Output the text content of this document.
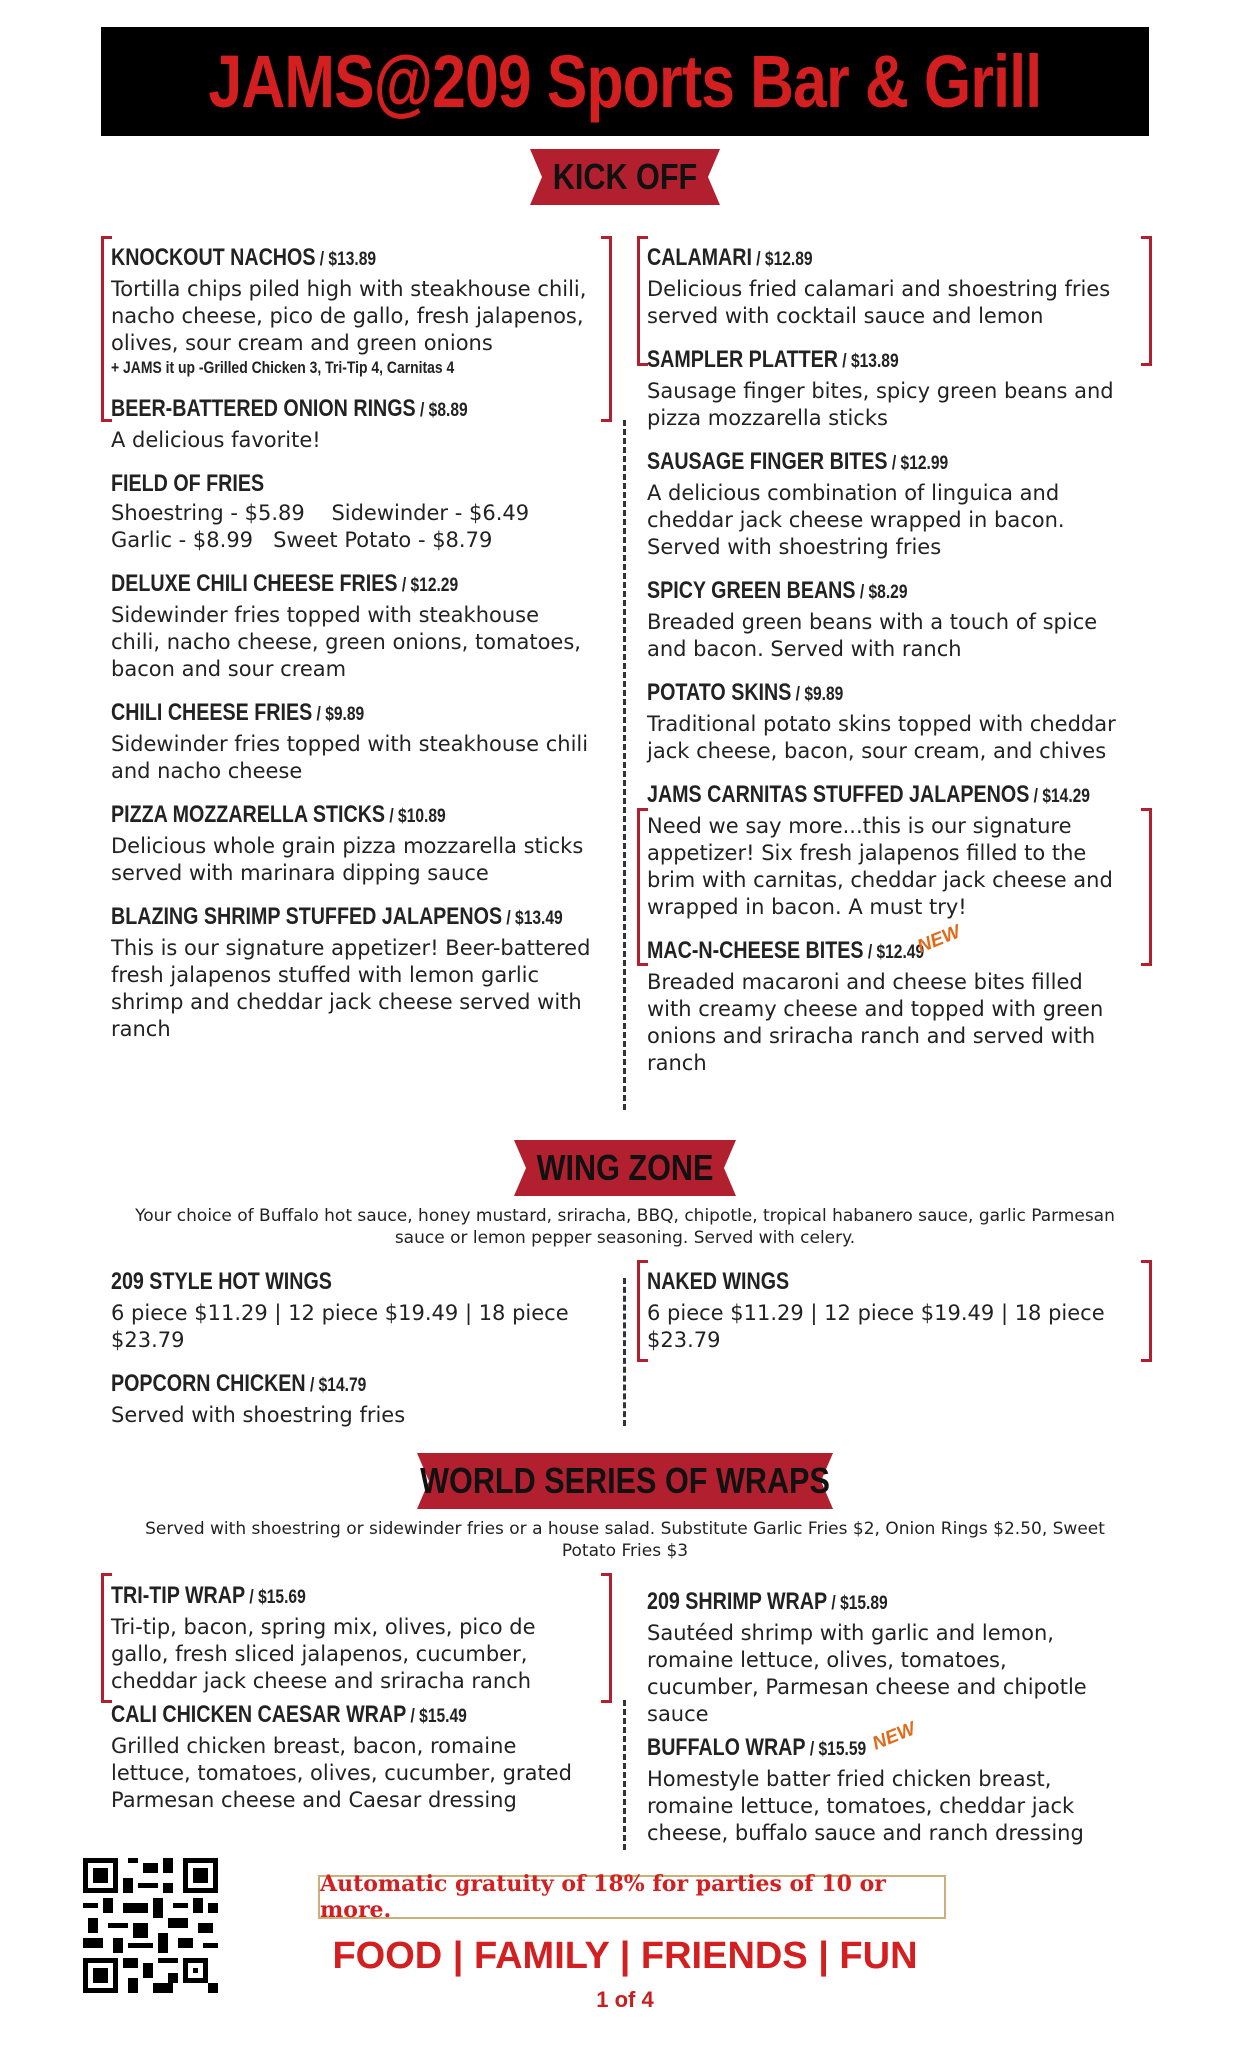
JAMS@209 Sports Bar & Grill
KICK OFF
KNOCKOUT NACHOS / $13.89
Tortilla chips piled high with steakhouse chili, nacho cheese, pico de gallo, fresh jalapenos, olives, sour cream and green onions
+ JAMS it up -Grilled Chicken 3, Tri-Tip 4, Carnitas 4
BEER-BATTERED ONION RINGS / $8.89
A delicious favorite!
FIELD OF FRIES
Shoestring - $5.89    Sidewinder - $6.49
Garlic - $8.99   Sweet Potato - $8.79
DELUXE CHILI CHEESE FRIES / $12.29
Sidewinder fries topped with steakhouse chili, nacho cheese, green onions, tomatoes, bacon and sour cream
CHILI CHEESE FRIES / $9.89
Sidewinder fries topped with steakhouse chili and nacho cheese
PIZZA MOZZARELLA STICKS / $10.89
Delicious whole grain pizza mozzarella sticks served with marinara dipping sauce
BLAZING SHRIMP STUFFED JALAPENOS / $13.49
This is our signature appetizer! Beer-battered fresh jalapenos stuffed with lemon garlic shrimp and cheddar jack cheese served with ranch
CALAMARI / $12.89
Delicious fried calamari and shoestring fries served with cocktail sauce and lemon
SAMPLER PLATTER / $13.89
Sausage finger bites, spicy green beans and pizza mozzarella sticks
SAUSAGE FINGER BITES / $12.99
A delicious combination of linguica and cheddar jack cheese wrapped in bacon. Served with shoestring fries
SPICY GREEN BEANS / $8.29
Breaded green beans with a touch of spice and bacon. Served with ranch
POTATO SKINS / $9.89
Traditional potato skins topped with cheddar jack cheese, bacon, sour cream, and chives
JAMS CARNITAS STUFFED JALAPENOS / $14.29
Need we say more...this is our signature appetizer! Six fresh jalapenos filled to the brim with carnitas, cheddar jack cheese and wrapped in bacon. A must try!
MAC-N-CHEESE BITES / $12.49
NEW
Breaded macaroni and cheese bites filled with creamy cheese and topped with green onions and sriracha ranch and served with ranch
WING ZONE
Your choice of Buffalo hot sauce, honey mustard, sriracha, BBQ, chipotle, tropical habanero sauce, garlic Parmesan sauce or lemon pepper seasoning. Served with celery.
209 STYLE HOT WINGS
6 piece $11.29 | 12 piece $19.49 | 18 piece $23.79
POPCORN CHICKEN / $14.79
Served with shoestring fries
NAKED WINGS
6 piece $11.29 | 12 piece $19.49 | 18 piece $23.79
WORLD SERIES OF WRAPS
Served with shoestring or sidewinder fries or a house salad. Substitute Garlic Fries $2, Onion Rings $2.50, Sweet Potato Fries $3
TRI-TIP WRAP / $15.69
Tri-tip, bacon, spring mix, olives, pico de gallo, fresh sliced jalapenos, cucumber, cheddar jack cheese and sriracha ranch
CALI CHICKEN CAESAR WRAP / $15.49
Grilled chicken breast, bacon, romaine lettuce, tomatoes, olives, cucumber, grated Parmesan cheese and Caesar dressing
209 SHRIMP WRAP / $15.89
Sautéed shrimp with garlic and lemon, romaine lettuce, olives, tomatoes, cucumber, Parmesan cheese and chipotle sauce
BUFFALO WRAP / $15.59 NEW
Homestyle batter fried chicken breast, romaine lettuce, tomatoes, cheddar jack cheese, buffalo sauce and ranch dressing
Automatic gratuity of 18% for parties of 10 or more.
FOOD | FAMILY | FRIENDS | FUN
1 of 4
